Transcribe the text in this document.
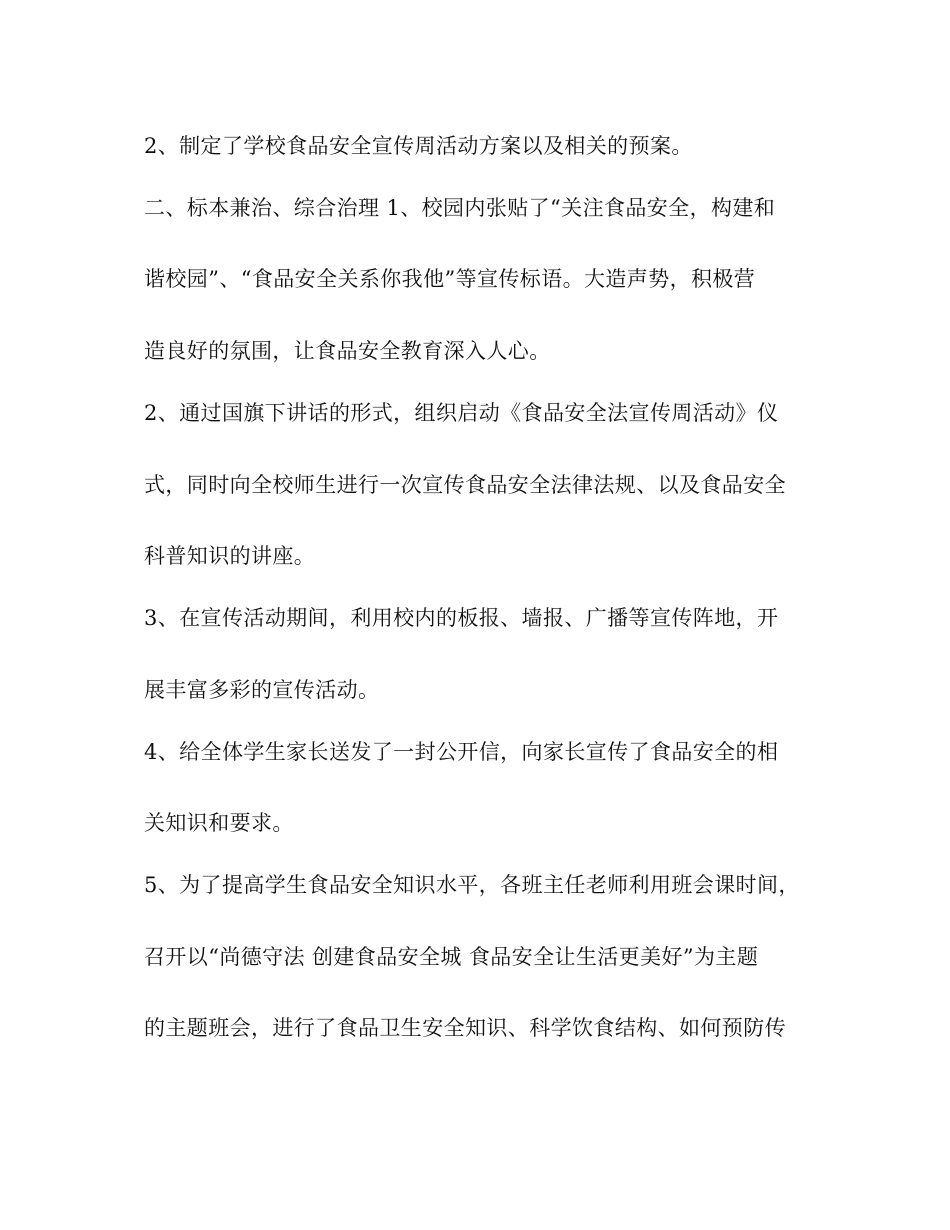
2、制定了学校食品安全宣传周活动方案以及相关的预案。

二、标本兼治、综合治理 1、校园内张贴了“关注食品安全，构建和

谐校园”、“食品安全关系你我他”等宣传标语。大造声势，积极营

造良好的氛围，让食品安全教育深入人心。

2、通过国旗下讲话的形式，组织启动《食品安全法宣传周活动》仪

式，同时向全校师生进行一次宣传食品安全法律法规、以及食品安全

科普知识的讲座。

3、在宣传活动期间，利用校内的板报、墙报、广播等宣传阵地，开

展丰富多彩的宣传活动。

4、给全体学生家长送发了一封公开信，向家长宣传了食品安全的相

关知识和要求。

5、为了提高学生食品安全知识水平，各班主任老师利用班会课时间，

召开以“尚德守法 创建食品安全城 食品安全让生活更美好”为主题

的主题班会，进行了食品卫生安全知识、科学饮食结构、如何预防传
